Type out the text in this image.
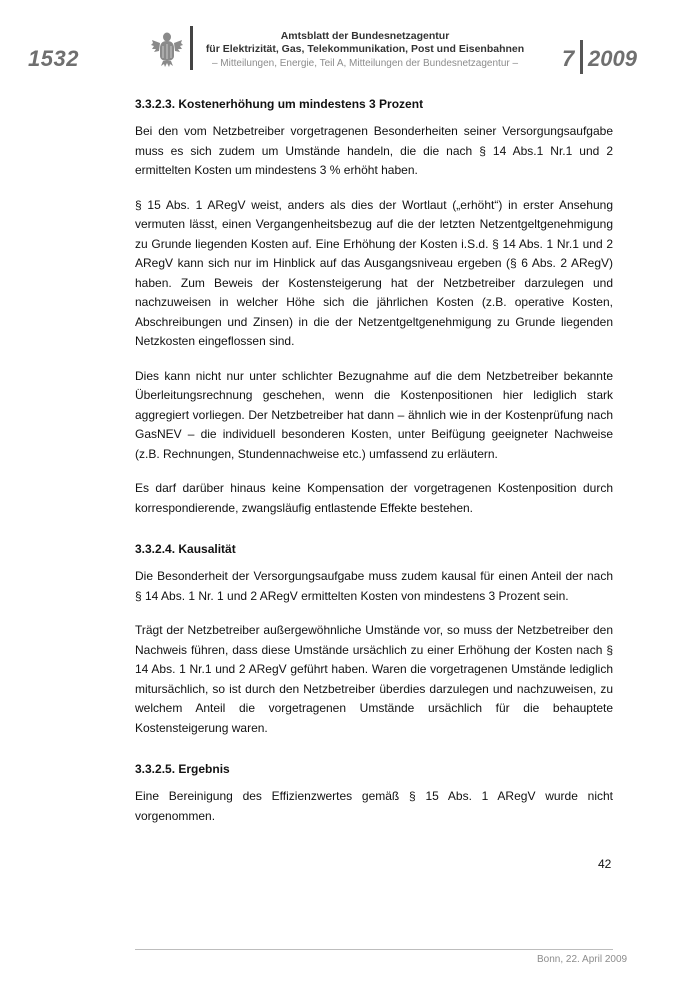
1532
Amtsblatt der Bundesnetzagentur
für Elektrizität, Gas, Telekommunikation, Post und Eisenbahnen
– Mitteilungen, Energie, Teil A, Mitteilungen der Bundesnetzagentur –	7 2009
3.3.2.3. Kostenerhöhung um mindestens 3 Prozent

Bei den vom Netzbetreiber vorgetragenen Besonderheiten seiner Versorgungsaufgabe muss es sich zudem um Umstände handeln, die die nach § 14 Abs.1 Nr.1 und 2 ermittelten Kosten um mindestens 3 % erhöht haben.

§ 15 Abs. 1 ARegV weist, anders als dies der Wortlaut („erhöht“) in erster Ansehung vermuten lässt, einen Vergangenheitsbezug auf die der letzten Netzentgeltgenehmigung zu Grunde liegenden Kosten auf. Eine Erhöhung der Kosten i.S.d. § 14 Abs. 1 Nr.1 und 2 ARegV kann sich nur im Hinblick auf das Ausgangsniveau ergeben (§ 6 Abs. 2 ARegV) haben. Zum Beweis der Kostensteigerung hat der Netzbetreiber darzulegen und nachzuweisen in welcher Höhe sich die jährlichen Kosten (z.B. operative Kosten, Abschreibungen und Zinsen) in die der Netzentgeltgenehmigung zu Grunde liegenden Netzkosten eingeflossen sind.

Dies kann nicht nur unter schlichter Bezugnahme auf die dem Netzbetreiber bekannte Überleitungsrechnung geschehen, wenn die Kostenpositionen hier lediglich stark aggregiert vorliegen. Der Netzbetreiber hat dann – ähnlich wie in der Kostenprüfung nach GasNEV – die individuell besonderen Kosten, unter Beifügung geeigneter Nachweise (z.B. Rechnungen, Stundennachweise etc.) umfassend zu erläutern.

Es darf darüber hinaus keine Kompensation der vorgetragenen Kostenposition durch korrespondierende, zwangsläufig entlastende Effekte bestehen.

3.3.2.4. Kausalität

Die Besonderheit der Versorgungsaufgabe muss zudem kausal für einen Anteil der nach § 14 Abs. 1 Nr. 1 und 2 ARegV ermittelten Kosten von mindestens 3 Prozent sein.

Trägt der Netzbetreiber außergewöhnliche Umstände vor, so muss der Netzbetreiber den Nachweis führen, dass diese Umstände ursächlich zu einer Erhöhung der Kosten nach § 14 Abs. 1 Nr.1 und 2 ARegV geführt haben. Waren die vorgetragenen Umstände lediglich mitursächlich, so ist durch den Netzbetreiber überdies darzulegen und nachzuweisen, zu welchem Anteil die vorgetragenen Umstände ursächlich für die behauptete Kostensteigerung waren.

3.3.2.5. Ergebnis

Eine Bereinigung des Effizienzwertes gemäß § 15 Abs. 1 ARegV wurde nicht vorgenommen.

42
Bonn, 22. April 2009
